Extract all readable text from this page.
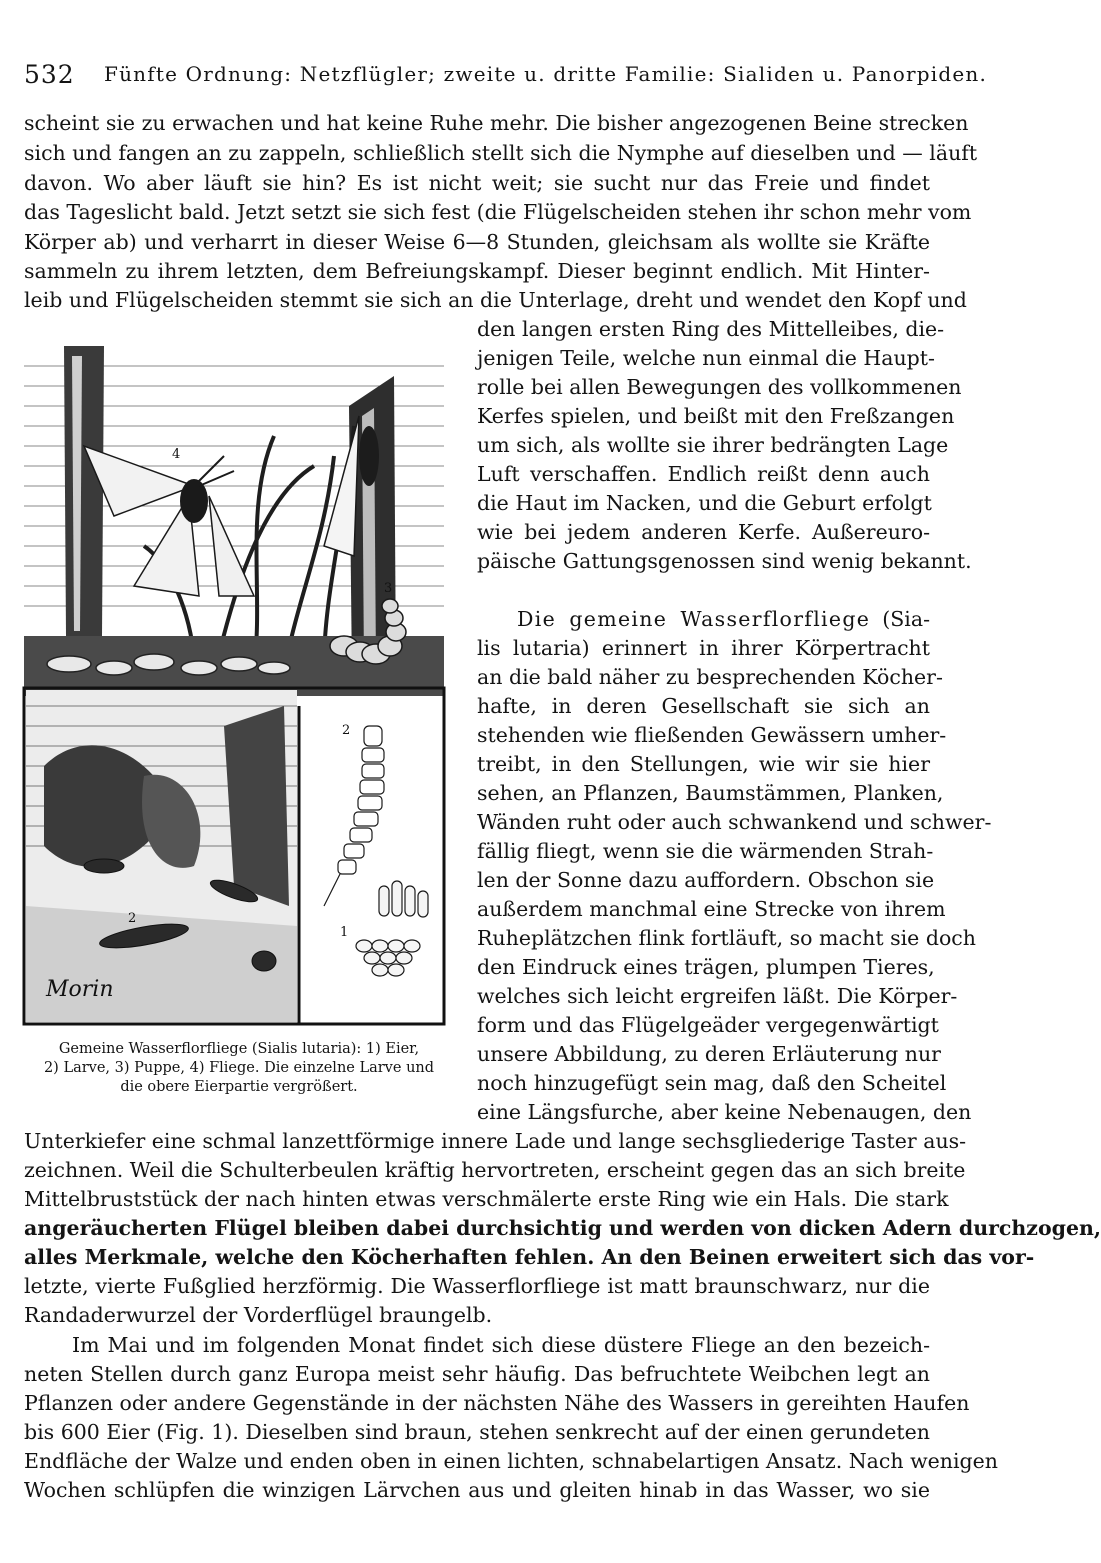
532 Fünfte Ordnung: Netzflügler; zweite u. dritte Familie: Sialiden u. Panorpiden.
scheint sie zu erwachen und hat keine Ruhe mehr. Die bisher angezogenen Beine strecken
sich und fangen an zu zappeln, schließlich stellt sich die Nymphe auf dieselben und — läuft
davon. Wo aber läuft sie hin? Es ist nicht weit; sie sucht nur das Freie und findet
das Tageslicht bald. Jetzt setzt sie sich fest (die Flügelscheiden stehen ihr schon mehr vom
Körper ab) und verharrt in dieser Weise 6—8 Stunden, gleichsam als wollte sie Kräfte
sammeln zu ihrem letzten, dem Befreiungskampf. Dieser beginnt endlich. Mit Hinter-
leib und Flügelscheiden stemmt sie sich an die Unterlage, dreht und wendet den Kopf und
den langen ersten Ring des Mittelleibes, die-
jenigen Teile, welche nun einmal die Haupt-
rolle bei allen Bewegungen des vollkommenen
Kerfes spielen, und beißt mit den Freßzangen
um sich, als wollte sie ihrer bedrängten Lage
Luft verschaffen. Endlich reißt denn auch
die Haut im Nacken, und die Geburt erfolgt
wie bei jedem anderen Kerfe. Außereuro-
päische Gattungsgenossen sind wenig bekannt.
Die gemeine Wasserflorfliege (Sia-
lis lutaria) erinnert in ihrer Körpertracht
an die bald näher zu besprechenden Köcher-
hafte, in deren Gesellschaft sie sich an
stehenden wie fließenden Gewässern umher-
treibt, in den Stellungen, wie wir sie hier
sehen, an Pflanzen, Baumstämmen, Planken,
Wänden ruht oder auch schwankend und schwer-
fällig fliegt, wenn sie die wärmenden Strah-
len der Sonne dazu auffordern. Obschon sie
außerdem manchmal eine Strecke von ihrem
Ruheplätzchen flink fortläuft, so macht sie doch
den Eindruck eines trägen, plumpen Tieres,
welches sich leicht ergreifen läßt. Die Körper-
form und das Flügelgeäder vergegenwärtigt
unsere Abbildung, zu deren Erläuterung nur
noch hinzugefügt sein mag, daß den Scheitel
eine Längsfurche, aber keine Nebenaugen, den
4
3
2
2
1
Morin
Gemeine Wasserflorfliege (Sialis lutaria): 1) Eier,
2) Larve, 3) Puppe, 4) Fliege. Die einzelne Larve und
die obere Eierpartie vergrößert.
Unterkiefer eine schmal lanzettförmige innere Lade und lange sechsgliederige Taster aus-
zeichnen. Weil die Schulterbeulen kräftig hervortreten, erscheint gegen das an sich breite
Mittelbruststück der nach hinten etwas verschmälerte erste Ring wie ein Hals. Die stark
angeräucherten Flügel bleiben dabei durchsichtig und werden von dicken Adern durchzogen,
alles Merkmale, welche den Köcherhaften fehlen. An den Beinen erweitert sich das vor-
letzte, vierte Fußglied herzförmig. Die Wasserflorfliege ist matt braunschwarz, nur die
Randaderwurzel der Vorderflügel braungelb.
Im Mai und im folgenden Monat findet sich diese düstere Fliege an den bezeich-
neten Stellen durch ganz Europa meist sehr häufig. Das befruchtete Weibchen legt an
Pflanzen oder andere Gegenstände in der nächsten Nähe des Wassers in gereihten Haufen
bis 600 Eier (Fig. 1). Dieselben sind braun, stehen senkrecht auf der einen gerundeten
Endfläche der Walze und enden oben in einen lichten, schnabelartigen Ansatz. Nach wenigen
Wochen schlüpfen die winzigen Lärvchen aus und gleiten hinab in das Wasser, wo sie
